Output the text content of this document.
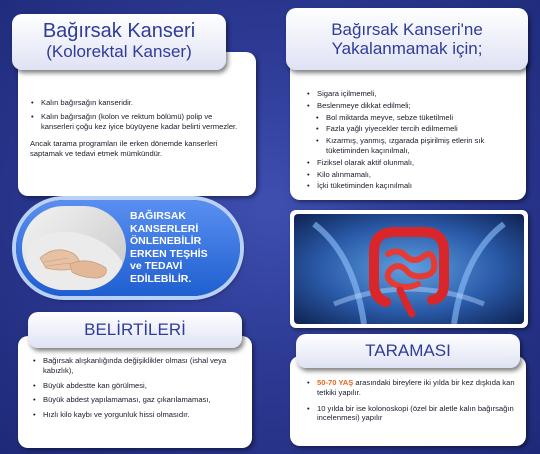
Bağırsak Kanseri
(Kolorektal Kanser)
• Kalın bağırsağın kanseridir.
• Kalın bağırsağın (kolon ve rektum bölümü) polip ve kanserleri çoğu kez iyice büyüyene kadar belirti vermezler.
Ancak tarama programları ile erken dönemde kanserleri saptamak ve tedavi etmek mümkündür.
Bağırsak Kanseri'ne
Yakalanmamak için;
• Sigara içilmemeli,
• Beslenmeye dikkat edilmeli;
• Bol miktarda meyve, sebze tüketilmeli
• Fazla yağlı yiyecekler tercih edilmemeli
• Kızarmış, yanmış, ızgarada pişirilmiş etlerin sık tüketiminden kaçınılmalı,
• Fiziksel olarak aktif olunmalı,
• Kilo alınmamalı,
• İçki tüketiminden kaçınılmalı
BAĞIRSAK
KANSERLERİ
ÖNLENEBİLİR
ERKEN TEŞHİS
ve TEDAVİ
EDİLEBİLİR.
BELİRTİLERİ
• Bağırsak alışkanlığında değişiklikler olması (ishal veya kabızlık),
• Büyük abdestte kan görülmesi,
• Büyük abdest yapılamaması, gaz çıkarılamaması,
• Hızlı kilo kaybı ve yorgunluk hissi olmasıdır.
TARAMASI
• 50-70 YAŞ arasındaki bireylere iki yılda bir kez dışkıda kan tetkiki yapılır.
• 10 yılda bir ise kolonoskopi (özel bir aletle kalın bağırsağın incelenmesi) yapılır
